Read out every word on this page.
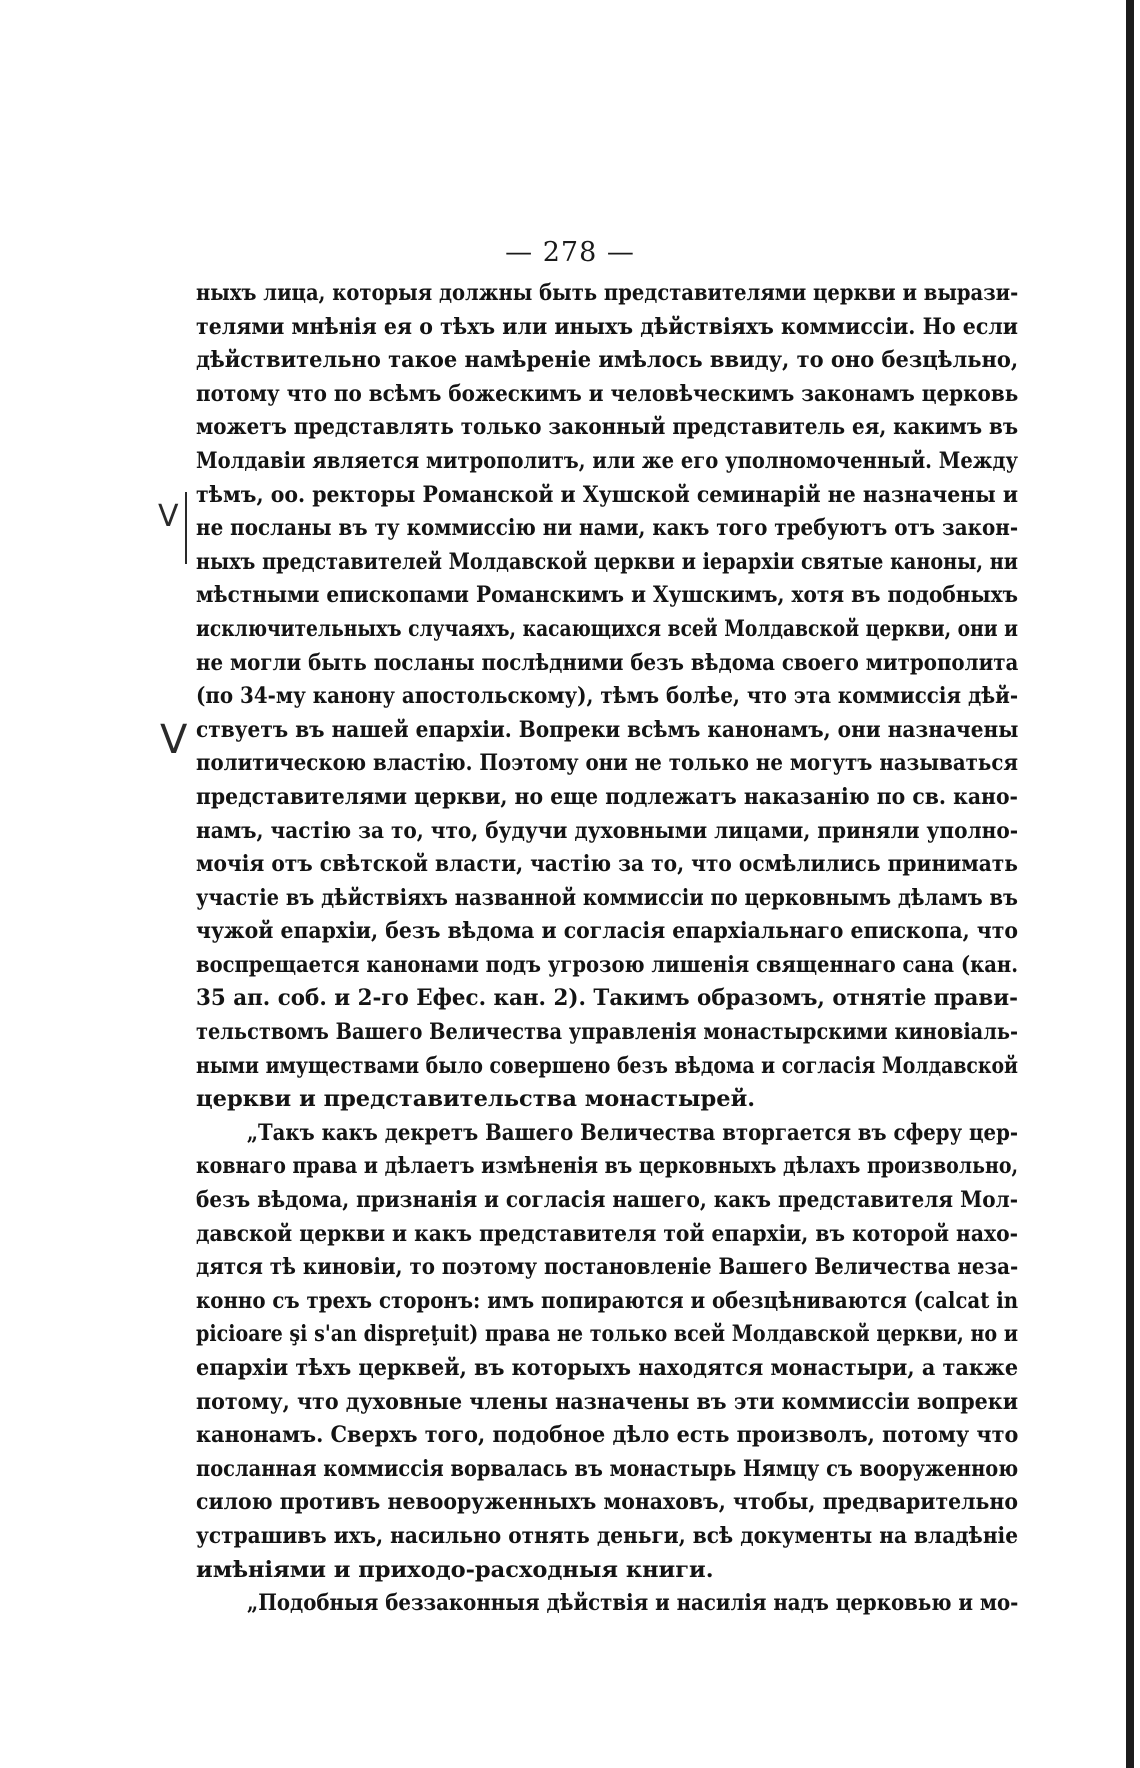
— 278 —
V
V
ныхъ лица, которыя должны быть представителями церкви и вырази-
телями мнѣнія ея о тѣхъ или иныхъ дѣйствіяхъ коммиссіи. Но если
дѣйствительно такое намѣреніе имѣлось ввиду, то оно безцѣльно,
потому что по всѣмъ божескимъ и человѣческимъ законамъ церковь
можетъ представлять только законный представитель ея, какимъ въ
Молдавіи является митрополитъ, или же его уполномоченный. Между
тѣмъ, оо. ректоры Романской и Хушской семинарій не назначены и
не посланы въ ту коммиссію ни нами, какъ того требуютъ отъ закон-
ныхъ представителей Молдавской церкви и іерархіи святые каноны, ни
мѣстными епископами Романскимъ и Хушскимъ, хотя въ подобныхъ
исключительныхъ случаяхъ, касающихся всей Молдавской церкви, они и
не могли быть посланы послѣдними безъ вѣдома своего митрополита
(по 34-му канону апостольскому), тѣмъ болѣе, что эта коммиссія дѣй-
ствуетъ въ нашей епархіи. Вопреки всѣмъ канонамъ, они назначены
политическою властію. Поэтому они не только не могутъ называться
представителями церкви, но еще подлежатъ наказанію по св. кано-
намъ, частію за то, что, будучи духовными лицами, приняли уполно-
мочія отъ свѣтской власти, частію за то, что осмѣлились принимать
участіе въ дѣйствіяхъ названной коммиссіи по церковнымъ дѣламъ въ
чужой епархіи, безъ вѣдома и согласія епархіальнаго епископа, что
воспрещается канонами подъ угрозою лишенія священнаго сана (кан.
35 ап. соб. и 2-го Ефес. кан. 2). Такимъ образомъ, отнятіе прави-
тельствомъ Вашего Величества управленія монастырскими киновіаль-
ными имуществами было совершено безъ вѣдома и согласія Молдавской
церкви и представительства монастырей.
„Такъ какъ декретъ Вашего Величества вторгается въ сферу цер-
ковнаго права и дѣлаетъ измѣненія въ церковныхъ дѣлахъ произвольно,
безъ вѣдома, признанія и согласія нашего, какъ представителя Мол-
давской церкви и какъ представителя той епархіи, въ которой нахо-
дятся тѣ киновіи, то поэтому постановленіе Вашего Величества неза-
конно съ трехъ сторонъ: имъ попираются и обезцѣниваются (calcat in
picioare şi s'an dispreţuit) права не только всей Молдавской церкви, но и
епархіи тѣхъ церквей, въ которыхъ находятся монастыри, а также
потому, что духовные члены назначены въ эти коммиссіи вопреки
канонамъ. Сверхъ того, подобное дѣло есть произволъ, потому что
посланная коммиссія ворвалась въ монастырь Нямцу съ вооруженною
силою противъ невооруженныхъ монаховъ, чтобы, предварительно
устрашивъ ихъ, насильно отнять деньги, всѣ документы на владѣніе
имѣніями и приходо-расходныя книги.
„Подобныя беззаконныя дѣйствія и насилія надъ церковью и мо-
